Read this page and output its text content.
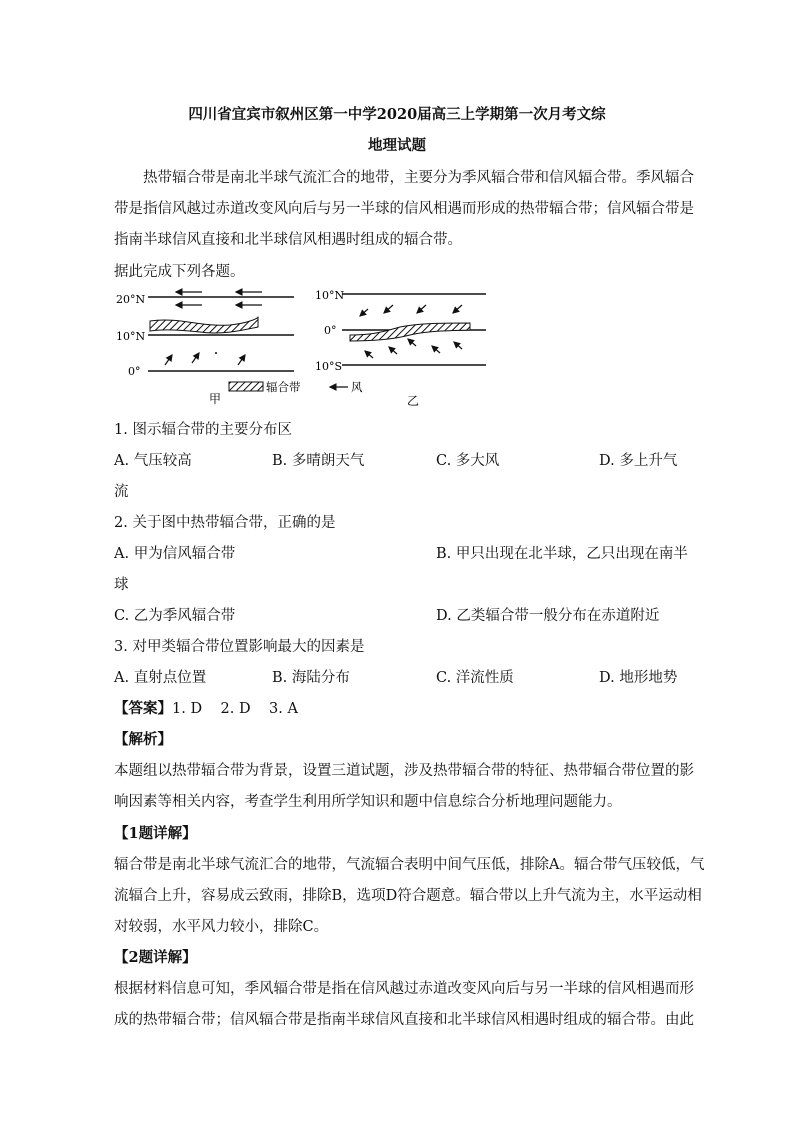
四川省宜宾市叙州区第一中学2020届高三上学期第一次月考文综
地理试题
热带辐合带是南北半球气流汇合的地带，主要分为季风辐合带和信风辐合带。季风辐合
带是指信风越过赤道改变风向后与另一半球的信风相遇而形成的热带辐合带；信风辐合带是
指南半球信风直接和北半球信风相遇时组成的辐合带。
据此完成下列各题。
20°N
10°N
0°
10°N
0°
10°S
甲
辐合带	风
乙
1. 图示辐合带的主要分布区
A. 气压较高	B. 多晴朗天气	C. 多大风	D. 多上升气
流
2. 关于图中热带辐合带，正确的是
A. 甲为信风辐合带	B. 甲只出现在北半球，乙只出现在南半
球
C. 乙为季风辐合带	D. 乙类辐合带一般分布在赤道附近
3. 对甲类辐合带位置影响最大的因素是
A. 直射点位置	B. 海陆分布	C. 洋流性质	D. 地形地势
【答案】1. D    2. D    3. A
【解析】
本题组以热带辐合带为背景，设置三道试题，涉及热带辐合带的特征、热带辐合带位置的影
响因素等相关内容，考查学生利用所学知识和题中信息综合分析地理问题能力。
【1题详解】
辐合带是南北半球气流汇合的地带，气流辐合表明中间气压低，排除A。辐合带气压较低，气
流辐合上升，容易成云致雨，排除B，选项D符合题意。辐合带以上升气流为主，水平运动相
对较弱，水平风力较小，排除C。
【2题详解】
根据材料信息可知，季风辐合带是指在信风越过赤道改变风向后与另一半球的信风相遇而形
成的热带辐合带；信风辐合带是指南半球信风直接和北半球信风相遇时组成的辐合带。由此
